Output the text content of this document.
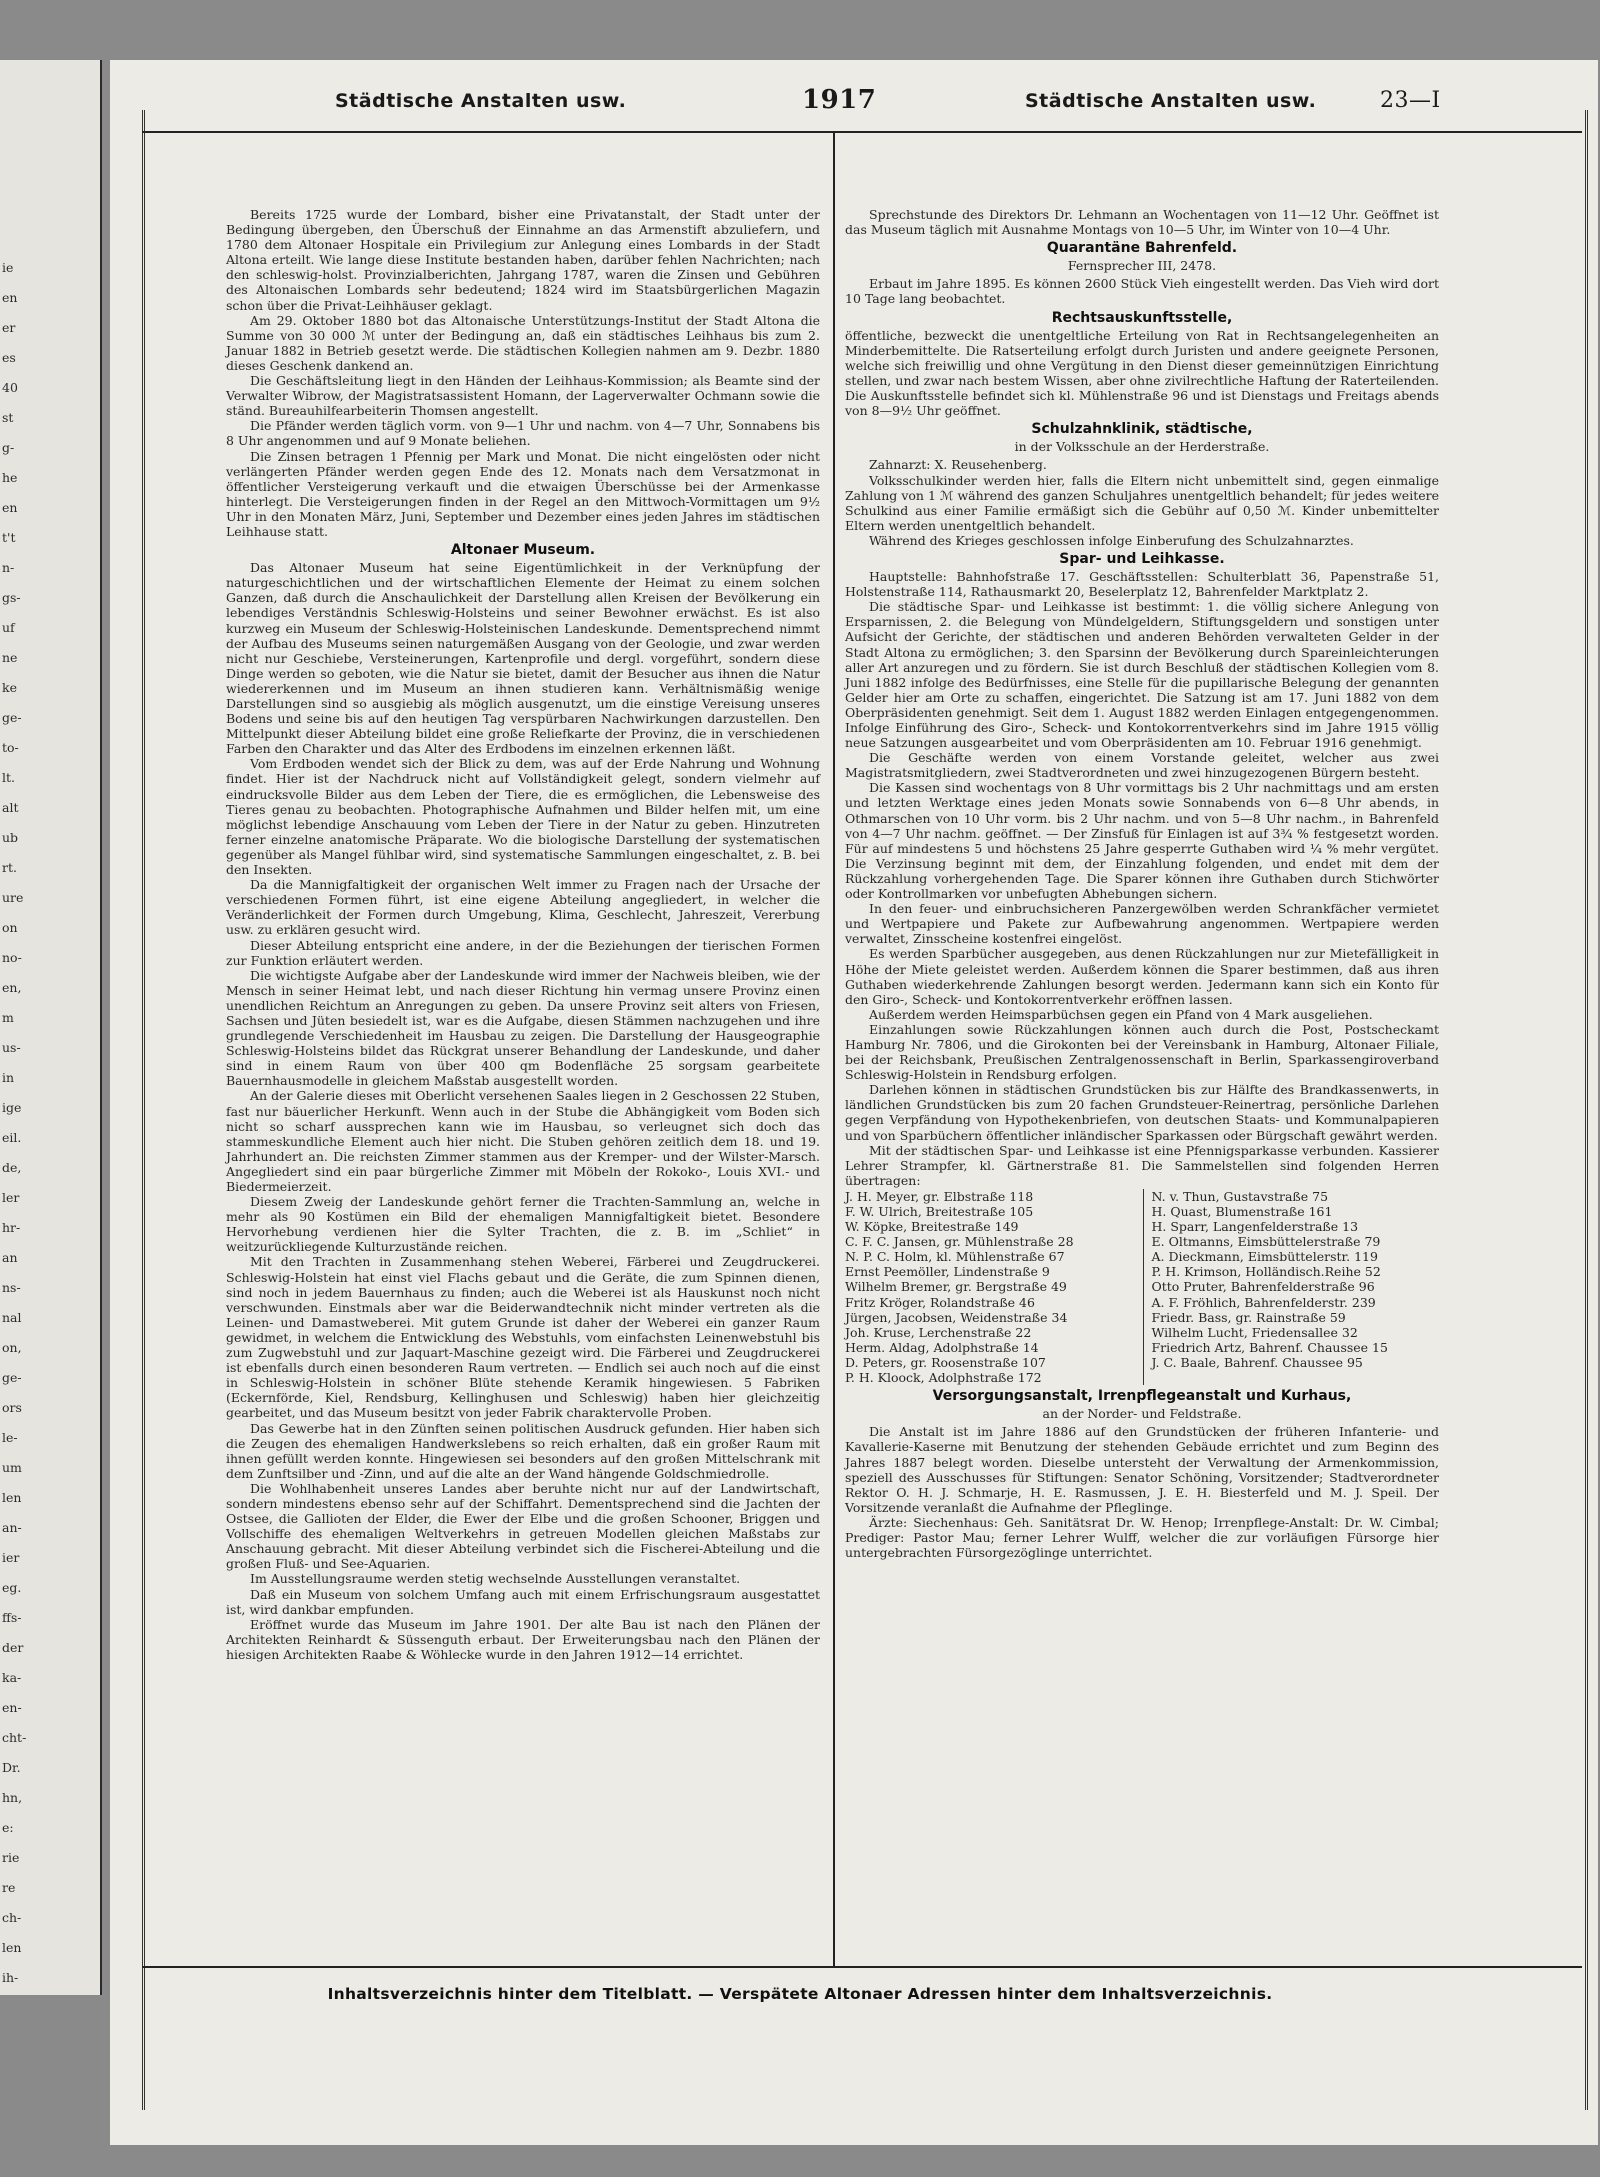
ie
en
er
es
40
st
g-
he
en
t't
n-
gs-
uf
ne
ke
ge-
to-
lt.
alt
ub
rt.
ure
on
no-
en,
m
us-
in
ige
eil.
de,
ler
hr-
an
ns-
nal
on,
ge-
ors
le-
um
len
an-
ier
eg.
ffs-
der
ka-
en-
cht-
Dr.
hn,
e:
rie
re
ch-
len
ih-
Städtische Anstalten usw.	1917	Städtische Anstalten usw.	23—I

Bereits 1725 wurde der Lombard, bisher eine Privatanstalt, der Stadt unter der Bedingung übergeben, den Überschuß der Einnahme an das Armenstift abzuliefern, und 1780 dem Altonaer Hospitale ein Privilegium zur Anlegung eines Lombards in der Stadt Altona erteilt. Wie lange diese Institute bestanden haben, darüber fehlen Nachrichten; nach den schleswig-holst. Provinzialberichten, Jahrgang 1787, waren die Zinsen und Gebühren des Altonaischen Lombards sehr bedeutend; 1824 wird im Staatsbürgerlichen Magazin schon über die Privat-Leihhäuser geklagt.

Am 29. Oktober 1880 bot das Altonaische Unterstützungs-Institut der Stadt Altona die Summe von 30 000 ℳ unter der Bedingung an, daß ein städtisches Leihhaus bis zum 2. Januar 1882 in Betrieb gesetzt werde. Die städtischen Kollegien nahmen am 9. Dezbr. 1880 dieses Geschenk dankend an.

Die Geschäftsleitung liegt in den Händen der Leihhaus-Kommission; als Beamte sind der Verwalter Wibrow, der Magistratsassistent Homann, der Lagerverwalter Ochmann sowie die ständ. Bureauhilfearbeiterin Thomsen angestellt.

Die Pfänder werden täglich vorm. von 9—1 Uhr und nachm. von 4—7 Uhr, Sonnabens bis 8 Uhr angenommen und auf 9 Monate beliehen.

Die Zinsen betragen 1 Pfennig per Mark und Monat. Die nicht eingelösten oder nicht verlängerten Pfänder werden gegen Ende des 12. Monats nach dem Versatzmonat in öffentlicher Versteigerung verkauft und die etwaigen Überschüsse bei der Armenkasse hinterlegt. Die Versteigerungen finden in der Regel an den Mittwoch-Vormittagen um 9½ Uhr in den Monaten März, Juni, September und Dezember eines jeden Jahres im städtischen Leihhause statt.

Altonaer Museum.

Das Altonaer Museum hat seine Eigentümlichkeit in der Verknüpfung der naturgeschichtlichen und der wirtschaftlichen Elemente der Heimat zu einem solchen Ganzen, daß durch die Anschaulichkeit der Darstellung allen Kreisen der Bevölkerung ein lebendiges Verständnis Schleswig-Holsteins und seiner Bewohner erwächst. Es ist also kurzweg ein Museum der Schleswig-Holsteinischen Landeskunde. Dementsprechend nimmt der Aufbau des Museums seinen naturgemäßen Ausgang von der Geologie, und zwar werden nicht nur Geschiebe, Versteinerungen, Kartenprofile und dergl. vorgeführt, sondern diese Dinge werden so geboten, wie die Natur sie bietet, damit der Besucher aus ihnen die Natur wiedererkennen und im Museum an ihnen studieren kann. Verhältnismäßig wenige Darstellungen sind so ausgiebig als möglich ausgenutzt, um die einstige Vereisung unseres Bodens und seine bis auf den heutigen Tag verspürbaren Nachwirkungen darzustellen. Den Mittelpunkt dieser Abteilung bildet eine große Reliefkarte der Provinz, die in verschiedenen Farben den Charakter und das Alter des Erdbodens im einzelnen erkennen läßt.

Vom Erdboden wendet sich der Blick zu dem, was auf der Erde Nahrung und Wohnung findet. Hier ist der Nachdruck nicht auf Vollständigkeit gelegt, sondern vielmehr auf eindrucksvolle Bilder aus dem Leben der Tiere, die es ermöglichen, die Lebensweise des Tieres genau zu beobachten. Photographische Aufnahmen und Bilder helfen mit, um eine möglichst lebendige Anschauung vom Leben der Tiere in der Natur zu geben. Hinzutreten ferner einzelne anatomische Präparate. Wo die biologische Darstellung der systematischen gegenüber als Mangel fühlbar wird, sind systematische Sammlungen eingeschaltet, z. B. bei den Insekten.

Da die Mannigfaltigkeit der organischen Welt immer zu Fragen nach der Ursache der verschiedenen Formen führt, ist eine eigene Abteilung angegliedert, in welcher die Veränderlichkeit der Formen durch Umgebung, Klima, Geschlecht, Jahreszeit, Vererbung usw. zu erklären gesucht wird.

Dieser Abteilung entspricht eine andere, in der die Beziehungen der tierischen Formen zur Funktion erläutert werden.

Die wichtigste Aufgabe aber der Landeskunde wird immer der Nachweis bleiben, wie der Mensch in seiner Heimat lebt, und nach dieser Richtung hin vermag unsere Provinz einen unendlichen Reichtum an Anregungen zu geben. Da unsere Provinz seit alters von Friesen, Sachsen und Jüten besiedelt ist, war es die Aufgabe, diesen Stämmen nachzugehen und ihre grundlegende Verschiedenheit im Hausbau zu zeigen. Die Darstellung der Hausgeographie Schleswig-Holsteins bildet das Rückgrat unserer Behandlung der Landeskunde, und daher sind in einem Raum von über 400 qm Bodenfläche 25 sorgsam gearbeitete Bauernhausmodelle in gleichem Maßstab ausgestellt worden.

An der Galerie dieses mit Oberlicht versehenen Saales liegen in 2 Geschossen 22 Stuben, fast nur bäuerlicher Herkunft. Wenn auch in der Stube die Abhängigkeit vom Boden sich nicht so scharf aussprechen kann wie im Hausbau, so verleugnet sich doch das stammeskundliche Element auch hier nicht. Die Stuben gehören zeitlich dem 18. und 19. Jahrhundert an. Die reichsten Zimmer stammen aus der Kremper- und der Wilster-Marsch. Angegliedert sind ein paar bürgerliche Zimmer mit Möbeln der Rokoko-, Louis XVI.- und Biedermeierzeit.

Diesem Zweig der Landeskunde gehört ferner die Trachten-Sammlung an, welche in mehr als 90 Kostümen ein Bild der ehemaligen Mannigfaltigkeit bietet. Besondere Hervorhebung verdienen hier die Sylter Trachten, die z. B. im „Schliet“ in weitzurückliegende Kulturzustände reichen.

Mit den Trachten in Zusammenhang stehen Weberei, Färberei und Zeugdruckerei. Schleswig-Holstein hat einst viel Flachs gebaut und die Geräte, die zum Spinnen dienen, sind noch in jedem Bauernhaus zu finden; auch die Weberei ist als Hauskunst noch nicht verschwunden. Einstmals aber war die Beiderwandtechnik nicht minder vertreten als die Leinen- und Damastweberei. Mit gutem Grunde ist daher der Weberei ein ganzer Raum gewidmet, in welchem die Entwicklung des Webstuhls, vom einfachsten Leinenwebstuhl bis zum Zugwebstuhl und zur Jaquart-Maschine gezeigt wird. Die Färberei und Zeugdruckerei ist ebenfalls durch einen besonderen Raum vertreten. — Endlich sei auch noch auf die einst in Schleswig-Holstein in schöner Blüte stehende Keramik hingewiesen. 5 Fabriken (Eckernförde, Kiel, Rendsburg, Kellinghusen und Schleswig) haben hier gleichzeitig gearbeitet, und das Museum besitzt von jeder Fabrik charaktervolle Proben.

Das Gewerbe hat in den Zünften seinen politischen Ausdruck gefunden. Hier haben sich die Zeugen des ehemaligen Handwerkslebens so reich erhalten, daß ein großer Raum mit ihnen gefüllt werden konnte. Hingewiesen sei besonders auf den großen Mittelschrank mit dem Zunftsilber und -Zinn, und auf die alte an der Wand hängende Goldschmiedrolle.

Die Wohlhabenheit unseres Landes aber beruhte nicht nur auf der Landwirtschaft, sondern mindestens ebenso sehr auf der Schiffahrt. Dementsprechend sind die Jachten der Ostsee, die Gallioten der Elder, die Ewer der Elbe und die großen Schooner, Briggen und Vollschiffe des ehemaligen Weltverkehrs in getreuen Modellen gleichen Maßstabs zur Anschauung gebracht. Mit dieser Abteilung verbindet sich die Fischerei-Abteilung und die großen Fluß- und See-Aquarien.

Im Ausstellungsraume werden stetig wechselnde Ausstellungen veranstaltet.

Daß ein Museum von solchem Umfang auch mit einem Erfrischungsraum ausgestattet ist, wird dankbar empfunden.

Eröffnet wurde das Museum im Jahre 1901. Der alte Bau ist nach den Plänen der Architekten Reinhardt & Süssenguth erbaut. Der Erweiterungsbau nach den Plänen der hiesigen Architekten Raabe & Wöhlecke wurde in den Jahren 1912—14 errichtet.

Sprechstunde des Direktors Dr. Lehmann an Wochentagen von 11—12 Uhr. Geöffnet ist das Museum täglich mit Ausnahme Montags von 10—5 Uhr, im Winter von 10—4 Uhr.

Quarantäne Bahrenfeld.
Fernsprecher III, 2478.

Erbaut im Jahre 1895. Es können 2600 Stück Vieh eingestellt werden. Das Vieh wird dort 10 Tage lang beobachtet.

Rechtsauskunftsstelle,

öffentliche, bezweckt die unentgeltliche Erteilung von Rat in Rechtsangelegenheiten an Minderbemittelte. Die Ratserteilung erfolgt durch Juristen und andere geeignete Personen, welche sich freiwillig und ohne Vergütung in den Dienst dieser gemeinnützigen Einrichtung stellen, und zwar nach bestem Wissen, aber ohne zivilrechtliche Haftung der Raterteilenden. Die Auskunftsstelle befindet sich kl. Mühlenstraße 96 und ist Dienstags und Freitags abends von 8—9½ Uhr geöffnet.

Schulzahnklinik, städtische,
in der Volksschule an der Herderstraße.

Zahnarzt: X. Reusehenberg.

Volksschulkinder werden hier, falls die Eltern nicht unbemittelt sind, gegen einmalige Zahlung von 1 ℳ während des ganzen Schuljahres unentgeltlich behandelt; für jedes weitere Schulkind aus einer Familie ermäßigt sich die Gebühr auf 0,50 ℳ. Kinder unbemittelter Eltern werden unentgeltlich behandelt.

Während des Krieges geschlossen infolge Einberufung des Schulzahnarztes.

Spar- und Leihkasse.

Hauptstelle: Bahnhofstraße 17. Geschäftsstellen: Schulterblatt 36, Papenstraße 51, Holstenstraße 114, Rathausmarkt 20, Beselerplatz 12, Bahrenfelder Marktplatz 2.

Die städtische Spar- und Leihkasse ist bestimmt: 1. die völlig sichere Anlegung von Ersparnissen, 2. die Belegung von Mündelgeldern, Stiftungsgeldern und sonstigen unter Aufsicht der Gerichte, der städtischen und anderen Behörden verwalteten Gelder in der Stadt Altona zu ermöglichen; 3. den Sparsinn der Bevölkerung durch Spareinleichterungen aller Art anzuregen und zu fördern. Sie ist durch Beschluß der städtischen Kollegien vom 8. Juni 1882 infolge des Bedürfnisses, eine Stelle für die pupillarische Belegung der genannten Gelder hier am Orte zu schaffen, eingerichtet. Die Satzung ist am 17. Juni 1882 von dem Oberpräsidenten genehmigt. Seit dem 1. August 1882 werden Einlagen entgegengenommen. Infolge Einführung des Giro-, Scheck- und Kontokorrentverkehrs sind im Jahre 1915 völlig neue Satzungen ausgearbeitet und vom Oberpräsidenten am 10. Februar 1916 genehmigt.

Die Geschäfte werden von einem Vorstande geleitet, welcher aus zwei Magistratsmitgliedern, zwei Stadtverordneten und zwei hinzugezogenen Bürgern besteht.

Die Kassen sind wochentags von 8 Uhr vormittags bis 2 Uhr nachmittags und am ersten und letzten Werktage eines jeden Monats sowie Sonnabends von 6—8 Uhr abends, in Othmarschen von 10 Uhr vorm. bis 2 Uhr nachm. und von 5—8 Uhr nachm., in Bahrenfeld von 4—7 Uhr nachm. geöffnet. — Der Zinsfuß für Einlagen ist auf 3¾ % festgesetzt worden. Für auf mindestens 5 und höchstens 25 Jahre gesperrte Guthaben wird ¼ % mehr vergütet. Die Verzinsung beginnt mit dem, der Einzahlung folgenden, und endet mit dem der Rückzahlung vorhergehenden Tage. Die Sparer können ihre Guthaben durch Stichwörter oder Kontrollmarken vor unbefugten Abhebungen sichern.

In den feuer- und einbruchsicheren Panzergewölben werden Schrankfächer vermietet und Wertpapiere und Pakete zur Aufbewahrung angenommen. Wertpapiere werden verwaltet, Zinsscheine kostenfrei eingelöst.

Es werden Sparbücher ausgegeben, aus denen Rückzahlungen nur zur Mietefälligkeit in Höhe der Miete geleistet werden. Außerdem können die Sparer bestimmen, daß aus ihren Guthaben wiederkehrende Zahlungen besorgt werden. Jedermann kann sich ein Konto für den Giro-, Scheck- und Kontokorrentverkehr eröffnen lassen.

Außerdem werden Heimsparbüchsen gegen ein Pfand von 4 Mark ausgeliehen.

Einzahlungen sowie Rückzahlungen können auch durch die Post, Postscheckamt Hamburg Nr. 7806, und die Girokonten bei der Vereinsbank in Hamburg, Altonaer Filiale, bei der Reichsbank, Preußischen Zentralgenossenschaft in Berlin, Sparkassengiroverband Schleswig-Holstein in Rendsburg erfolgen.

Darlehen können in städtischen Grundstücken bis zur Hälfte des Brandkassenwerts, in ländlichen Grundstücken bis zum 20 fachen Grundsteuer-Reinertrag, persönliche Darlehen gegen Verpfändung von Hypothekenbriefen, von deutschen Staats- und Kommunalpapieren und von Sparbüchern öffentlicher inländischer Sparkassen oder Bürgschaft gewährt werden.

Mit der städtischen Spar- und Leihkasse ist eine Pfennigsparkasse verbunden. Kassierer Lehrer Strampfer, kl. Gärtnerstraße 81. Die Sammelstellen sind folgenden Herren übertragen:

J. H. Meyer, gr. Elbstraße 118
F. W. Ulrich, Breitestraße 105
W. Köpke, Breitestraße 149
C. F. C. Jansen, gr. Mühlenstraße 28
N. P. C. Holm, kl. Mühlenstraße 67
Ernst Peemöller, Lindenstraße 9
Wilhelm Bremer, gr. Bergstraße 49
Fritz Kröger, Rolandstraße 46
Jürgen, Jacobsen, Weidenstraße 34
Joh. Kruse, Lerchenstraße 22
Herm. Aldag, Adolphstraße 14
D. Peters, gr. Roosenstraße 107
P. H. Kloock, Adolphstraße 172
N. v. Thun, Gustavstraße 75
H. Quast, Blumenstraße 161
H. Sparr, Langenfelderstraße 13
E. Oltmanns, Eimsbüttelerstraße 79
A. Dieckmann, Eimsbüttelerstr. 119
P. H. Krimson, Holländisch.Reihe 52
Otto Pruter, Bahrenfelderstraße 96
A. F. Fröhlich, Bahrenfelderstr. 239
Friedr. Bass, gr. Rainstraße 59
Wilhelm Lucht, Friedensallee 32
Friedrich Artz, Bahrenf. Chaussee 15
J. C. Baale, Bahrenf. Chaussee 95
Versorgungsanstalt, Irrenpflegeanstalt und Kurhaus,
an der Norder- und Feldstraße.

Die Anstalt ist im Jahre 1886 auf den Grundstücken der früheren Infanterie- und Kavallerie-Kaserne mit Benutzung der stehenden Gebäude errichtet und zum Beginn des Jahres 1887 belegt worden. Dieselbe untersteht der Verwaltung der Armenkommission, speziell des Ausschusses für Stiftungen: Senator Schöning, Vorsitzender; Stadtverordneter Rektor O. H. J. Schmarje, H. E. Rasmussen, J. E. H. Biesterfeld und M. J. Speil. Der Vorsitzende veranlaßt die Aufnahme der Pfleglinge.

Ärzte: Siechenhaus: Geh. Sanitätsrat Dr. W. Henop; Irrenpflege-Anstalt: Dr. W. Cimbal; Prediger: Pastor Mau; ferner Lehrer Wulff, welcher die zur vorläufigen Fürsorge hier untergebrachten Fürsorgezöglinge unterrichtet.

Inhaltsverzeichnis hinter dem Titelblatt. — Verspätete Altonaer Adressen hinter dem Inhaltsverzeichnis.
